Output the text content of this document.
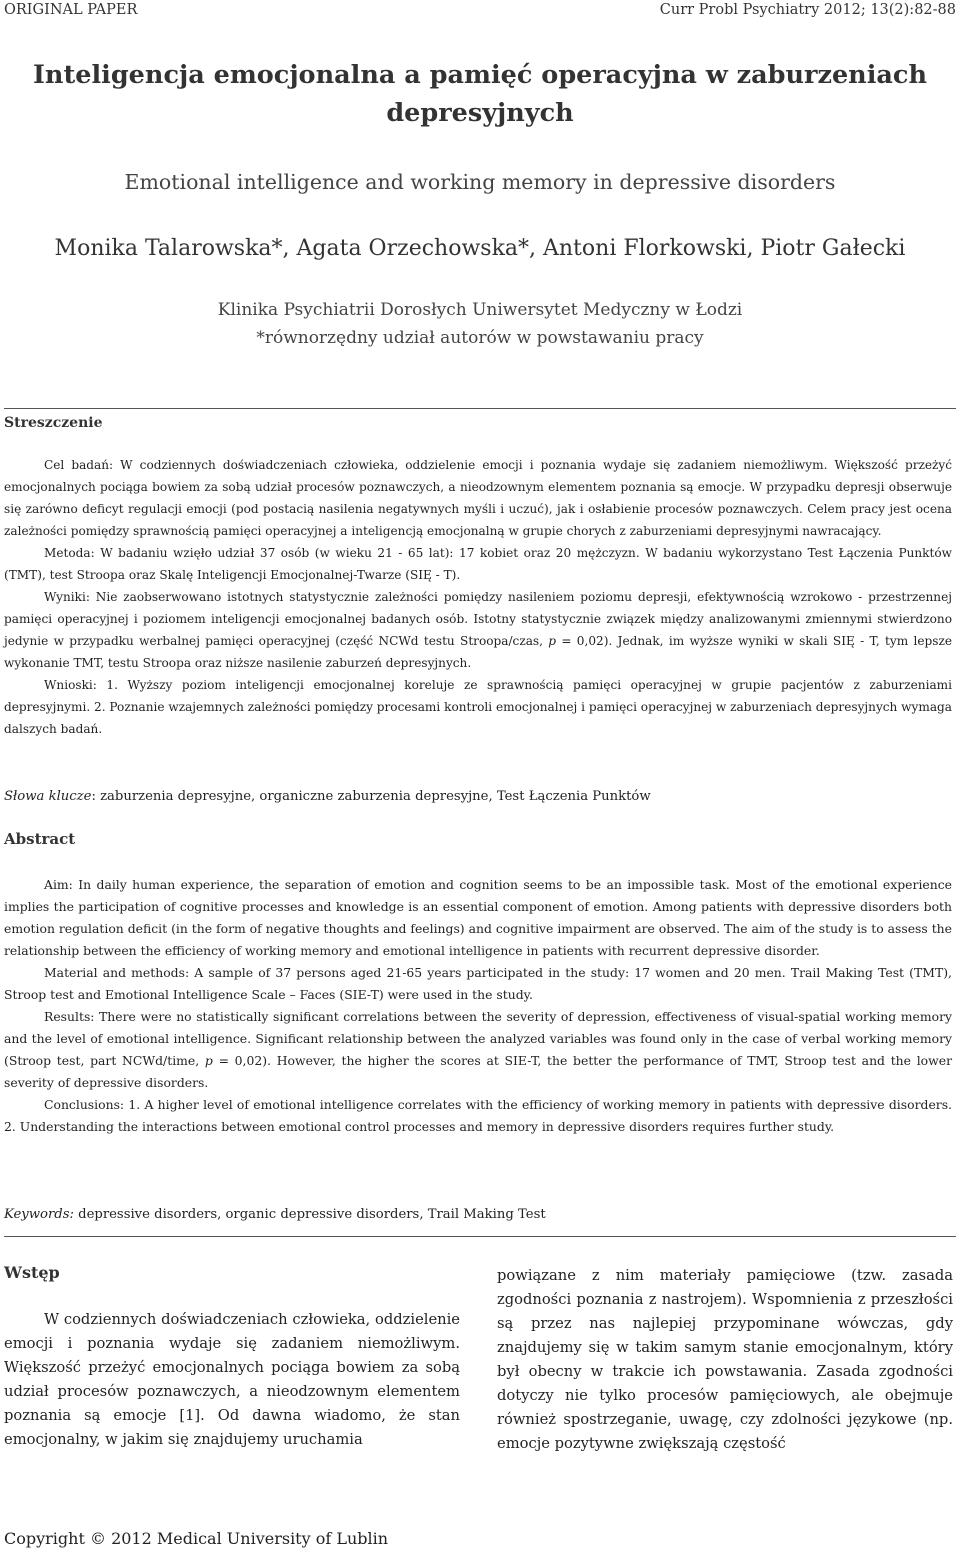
ORIGINAL PAPER	Curr Probl Psychiatry 2012; 13(2):82-88
Inteligencja emocjonalna a pamięć operacyjna w zaburzeniach
depresyjnych
Emotional intelligence and working memory in depressive disorders
Monika Talarowska*, Agata Orzechowska*, Antoni Florkowski, Piotr Gałecki
Klinika Psychiatrii Dorosłych Uniwersytet Medyczny w Łodzi
*równorzędny udział autorów w powstawaniu pracy
Streszczenie

Cel badań: W codziennych doświadczeniach człowieka, oddzielenie emocji i poznania wydaje się zadaniem niemożliwym. Większość przeżyć emocjonalnych pociąga bowiem za sobą udział procesów poznawczych, a nieodzownym elementem poznania są emocje. W przypadku depresji obserwuje się zarówno deficyt regulacji emocji (pod postacią nasilenia negatywnych myśli i uczuć), jak i osłabienie procesów poznawczych. Celem pracy jest ocena zależności pomiędzy sprawnością pamięci operacyjnej a inteligencją emocjonalną w grupie chorych z zaburzeniami depresyjnymi nawracający.

Metoda: W badaniu wzięło udział 37 osób (w wieku 21 - 65 lat): 17 kobiet oraz 20 mężczyzn. W badaniu wykorzystano Test Łączenia Punktów (TMT), test Stroopa oraz Skalę Inteligencji Emocjonalnej-Twarze (SIĘ - T).

Wyniki: Nie zaobserwowano istotnych statystycznie zależności pomiędzy nasileniem poziomu depresji, efektywnością wzrokowo - przestrzennej pamięci operacyjnej i poziomem inteligencji emocjonalnej badanych osób. Istotny statystycznie związek między analizowanymi zmiennymi stwierdzono jedynie w przypadku werbalnej pamięci operacyjnej (część NCWd testu Stroopa/czas, p = 0,02). Jednak, im wyższe wyniki w skali SIĘ - T, tym lepsze wykonanie TMT, testu Stroopa oraz niższe nasilenie zaburzeń depresyjnych.

Wnioski: 1. Wyższy poziom inteligencji emocjonalnej koreluje ze sprawnością pamięci operacyjnej w grupie pacjentów z zaburzeniami depresyjnymi. 2. Poznanie wzajemnych zależności pomiędzy procesami kontroli emocjonalnej i pamięci operacyjnej w zaburzeniach depresyjnych wymaga dalszych badań.

Słowa klucze: zaburzenia depresyjne, organiczne zaburzenia depresyjne, Test Łączenia Punktów
Abstract

Aim: In daily human experience, the separation of emotion and cognition seems to be an impossible task. Most of the emotional experience implies the participation of cognitive processes and knowledge is an essential component of emotion. Among patients with depressive disorders both emotion regulation deficit (in the form of negative thoughts and feelings) and cognitive impairment are observed. The aim of the study is to assess the relationship between the efficiency of working memory and emotional intelligence in patients with recurrent depressive disorder.

Material and methods: A sample of 37 persons aged 21-65 years participated in the study: 17 women and 20 men. Trail Making Test (TMT), Stroop test and Emotional Intelligence Scale – Faces (SIE-T) were used in the study.

Results: There were no statistically significant correlations between the severity of depression, effectiveness of visual-spatial working memory and the level of emotional intelligence. Significant relationship between the analyzed variables was found only in the case of verbal working memory (Stroop test, part NCWd/time, p = 0,02). However, the higher the scores at SIE-T, the better the performance of TMT, Stroop test and the lower severity of depressive disorders.

Conclusions: 1. A higher level of emotional intelligence correlates with the efficiency of working memory in patients with depressive disorders. 2. Understanding the interactions between emotional control processes and memory in depressive disorders requires further study.

Keywords: depressive disorders, organic depressive disorders, Trail Making Test
Wstęp
W codziennych doświadczeniach człowieka, oddzielenie emocji i poznania wydaje się zadaniem niemożliwym. Większość przeżyć emocjonalnych pociąga bowiem za sobą udział procesów poznawczych, a nieodzownym elementem poznania są emocje [1]. Od dawna wiadomo, że stan emocjonalny, w jakim się znajdujemy uruchamia
powiązane z nim materiały pamięciowe (tzw. zasada zgodności poznania z nastrojem). Wspomnienia z przeszłości są przez nas najlepiej przypominane wówczas, gdy znajdujemy się w takim samym stanie emocjonalnym, który był obecny w trakcie ich powstawania. Zasada zgodności dotyczy nie tylko procesów pamięciowych, ale obejmuje również spostrzeganie, uwagę, czy zdolności językowe (np. emocje pozytywne zwiększają częstość
Copyright © 2012 Medical University of Lublin
